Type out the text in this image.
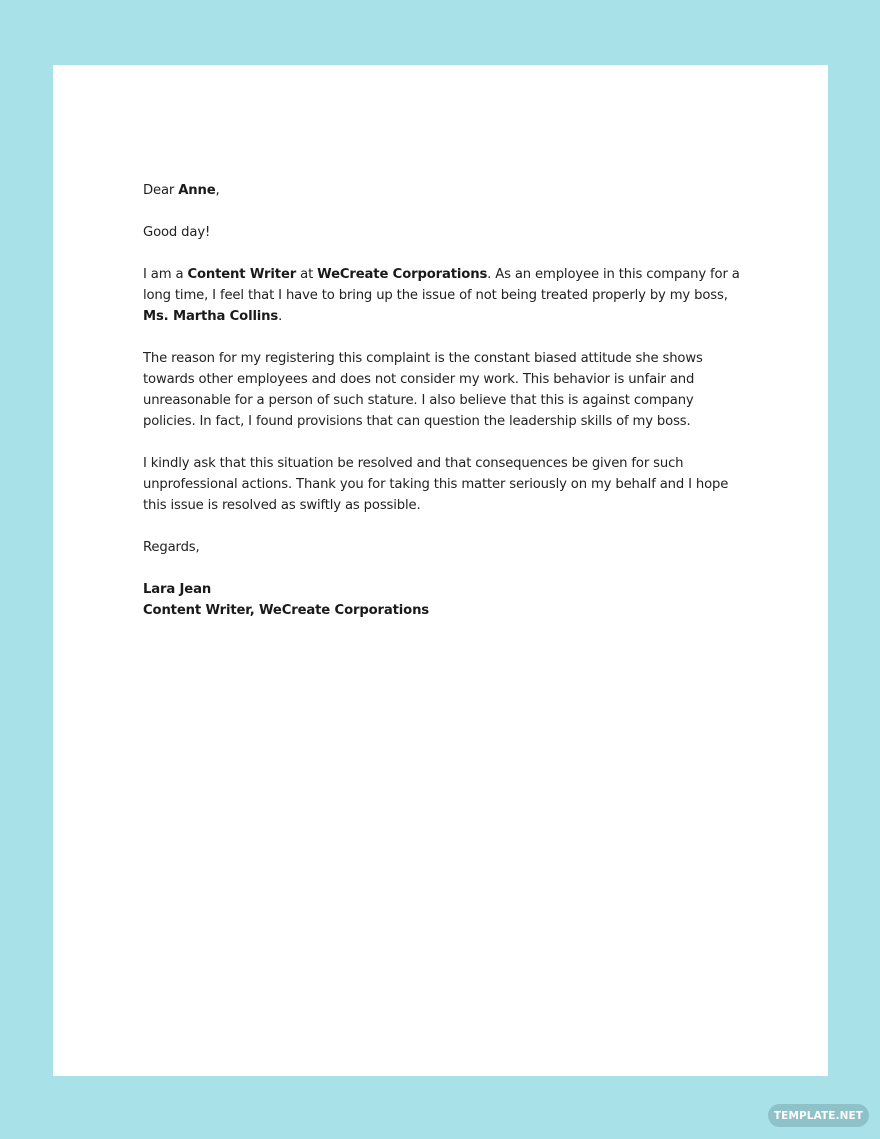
Dear Anne,

Good day!

I am a Content Writer at WeCreate Corporations. As an employee in this company for a long time, I feel that I have to bring up the issue of not being treated properly by my boss, Ms. Martha Collins.

The reason for my registering this complaint is the constant biased attitude she shows towards other employees and does not consider my work. This behavior is unfair and unreasonable for a person of such stature. I also believe that this is against company policies. In fact, I found provisions that can question the leadership skills of my boss.

I kindly ask that this situation be resolved and that consequences be given for such unprofessional actions. Thank you for taking this matter seriously on my behalf and I hope this issue is resolved as swiftly as possible.

Regards,

Lara Jean

Content Writer, WeCreate Corporations

TEMPLATE.NET
